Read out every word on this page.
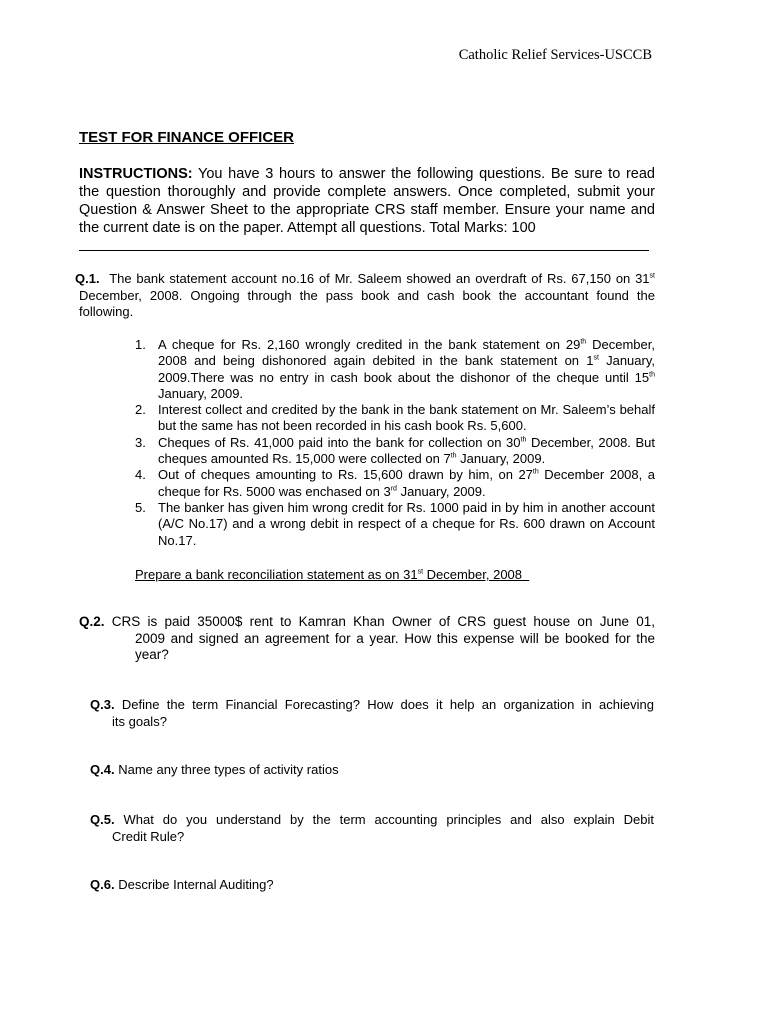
Catholic Relief Services-USCCB
TEST FOR FINANCE OFFICER
INSTRUCTIONS: You have 3 hours to answer the following questions. Be sure to read the question thoroughly and provide complete answers. Once completed, submit your Question & Answer Sheet to the appropriate CRS staff member. Ensure your name and the current date is on the paper. Attempt all questions. Total Marks: 100
Q.1. The bank statement account no.16 of Mr. Saleem showed an overdraft of Rs. 67,150 on 31st December, 2008. Ongoing through the pass book and cash book the accountant found the following.
1. A cheque for Rs. 2,160 wrongly credited in the bank statement on 29th December, 2008 and being dishonored again debited in the bank statement on 1st January, 2009.There was no entry in cash book about the dishonor of the cheque until 15th January, 2009.
2. Interest collect and credited by the bank in the bank statement on Mr. Saleem’s behalf but the same has not been recorded in his cash book Rs. 5,600.
3. Cheques of Rs. 41,000 paid into the bank for collection on 30th December, 2008. But cheques amounted Rs. 15,000 were collected on 7th January, 2009.
4. Out of cheques amounting to Rs. 15,600 drawn by him, on 27th December 2008, a cheque for Rs. 5000 was enchased on 3rd January, 2009.
5. The banker has given him wrong credit for Rs. 1000 paid in by him in another account (A/C No.17) and a wrong debit in respect of a cheque for Rs. 600 drawn on Account No.17.
Prepare a bank reconciliation statement as on 31st December, 2008
Q.2. CRS is paid 35000$ rent to Kamran Khan Owner of CRS guest house on June 01,
2009 and signed an agreement for a year. How this expense will be booked for the year?
Q.3. Define the term Financial Forecasting? How does it help an organization in achieving
its goals?
Q.4. Name any three types of activity ratios
Q.5. What do you understand by the term accounting principles and also explain Debit
Credit Rule?
Q.6. Describe Internal Auditing?
